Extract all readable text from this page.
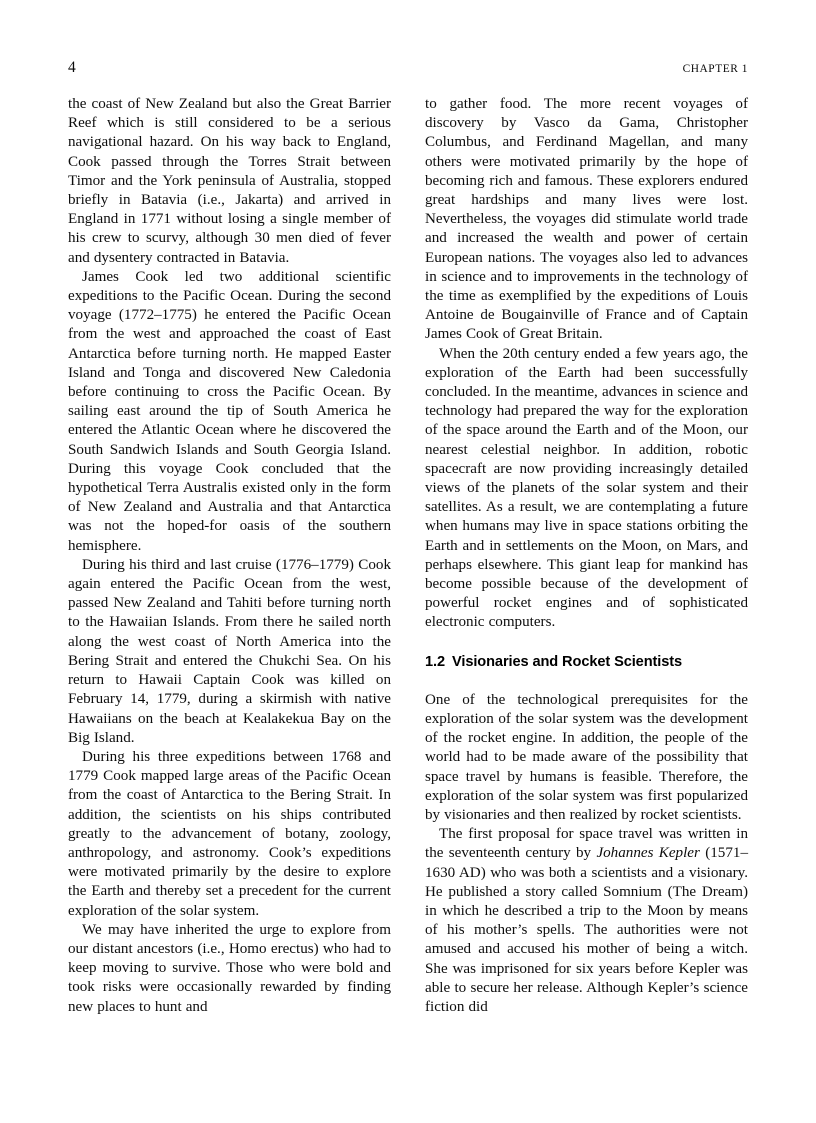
4	CHAPTER 1

the coast of New Zealand but also the Great Barrier Reef which is still considered to be a serious navigational hazard. On his way back to England, Cook passed through the Torres Strait between Timor and the York peninsula of Australia, stopped briefly in Batavia (i.e., Jakarta) and arrived in England in 1771 without losing a single member of his crew to scurvy, although 30 men died of fever and dysentery contracted in Batavia.

James Cook led two additional scientific expeditions to the Pacific Ocean. During the second voyage (1772–1775) he entered the Pacific Ocean from the west and approached the coast of East Antarctica before turning north. He mapped Easter Island and Tonga and discovered New Caledonia before continuing to cross the Pacific Ocean. By sailing east around the tip of South America he entered the Atlantic Ocean where he discovered the South Sandwich Islands and South Georgia Island. During this voyage Cook concluded that the hypothetical Terra Australis existed only in the form of New Zealand and Australia and that Antarctica was not the hoped-for oasis of the southern hemisphere.

During his third and last cruise (1776–1779) Cook again entered the Pacific Ocean from the west, passed New Zealand and Tahiti before turning north to the Hawaiian Islands. From there he sailed north along the west coast of North America into the Bering Strait and entered the Chukchi Sea. On his return to Hawaii Captain Cook was killed on February 14, 1779, during a skirmish with native Hawaiians on the beach at Kealakekua Bay on the Big Island.

During his three expeditions between 1768 and 1779 Cook mapped large areas of the Pacific Ocean from the coast of Antarctica to the Bering Strait. In addition, the scientists on his ships contributed greatly to the advancement of botany, zoology, anthropology, and astronomy. Cook’s expeditions were motivated primarily by the desire to explore the Earth and thereby set a precedent for the current exploration of the solar system.

We may have inherited the urge to explore from our distant ancestors (i.e., Homo erectus) who had to keep moving to survive. Those who were bold and took risks were occasionally rewarded by finding new places to hunt and

to gather food. The more recent voyages of discovery by Vasco da Gama, Christopher Columbus, and Ferdinand Magellan, and many others were motivated primarily by the hope of becoming rich and famous. These explorers endured great hardships and many lives were lost. Nevertheless, the voyages did stimulate world trade and increased the wealth and power of certain European nations. The voyages also led to advances in science and to improvements in the technology of the time as exemplified by the expeditions of Louis Antoine de Bougainville of France and of Captain James Cook of Great Britain.

When the 20th century ended a few years ago, the exploration of the Earth had been successfully concluded. In the meantime, advances in science and technology had prepared the way for the exploration of the space around the Earth and of the Moon, our nearest celestial neighbor. In addition, robotic spacecraft are now providing increasingly detailed views of the planets of the solar system and their satellites. As a result, we are contemplating a future when humans may live in space stations orbiting the Earth and in settlements on the Moon, on Mars, and perhaps elsewhere. This giant leap for mankind has become possible because of the development of powerful rocket engines and of sophisticated electronic computers.

1.2 Visionaries and Rocket Scientists

One of the technological prerequisites for the exploration of the solar system was the development of the rocket engine. In addition, the people of the world had to be made aware of the possibility that space travel by humans is feasible. Therefore, the exploration of the solar system was first popularized by visionaries and then realized by rocket scientists.

The first proposal for space travel was written in the seventeenth century by Johannes Kepler (1571–1630 AD) who was both a scientists and a visionary. He published a story called Somnium (The Dream) in which he described a trip to the Moon by means of his mother’s spells. The authorities were not amused and accused his mother of being a witch. She was imprisoned for six years before Kepler was able to secure her release. Although Kepler’s science fiction did
